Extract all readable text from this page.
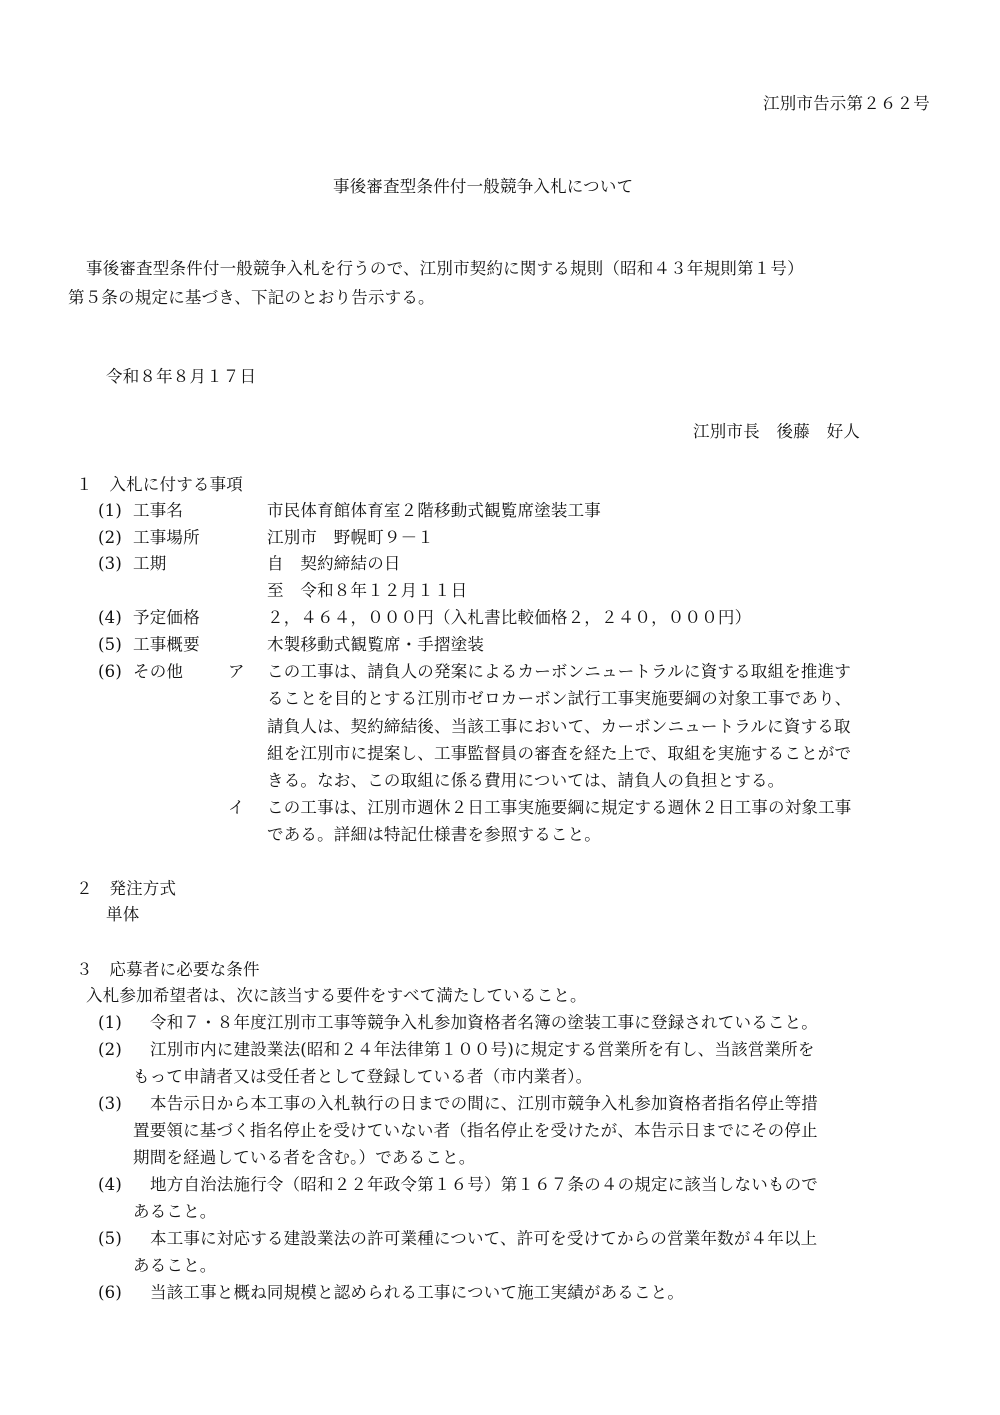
江別市告示第２６２号
事後審査型条件付一般競争入札について
事後審査型条件付一般競争入札を行うので、江別市契約に関する規則（昭和４３年規則第１号）
第５条の規定に基づき、下記のとおり告示する。
令和８年８月１７日
江別市長　後藤　好人
１　入札に付する事項
(1) 工事名	市民体育館体育室２階移動式観覧席塗装工事
(2) 工事場所	江別市　野幌町９－１
(3) 工期	自　契約締結の日
至　令和８年１２月１１日
(4) 予定価格	２，４６４，０００円（入札書比較価格２，２４０，０００円）
(5) 工事概要	木製移動式観覧席・手摺塗装
(6) その他	ア この工事は、請負人の発案によるカーボンニュートラルに資する取組を推進す
ることを目的とする江別市ゼロカーボン試行工事実施要綱の対象工事であり、
請負人は、契約締結後、当該工事において、カーボンニュートラルに資する取
組を江別市に提案し、工事監督員の審査を経た上で、取組を実施することがで
きる。なお、この取組に係る費用については、請負人の負担とする。
イ この工事は、江別市週休２日工事実施要綱に規定する週休２日工事の対象工事
である。詳細は特記仕様書を参照すること。
２　発注方式
単体
３　応募者に必要な条件
入札参加希望者は、次に該当する要件をすべて満たしていること。
(1) 令和７・８年度江別市工事等競争入札参加資格者名簿の塗装工事に登録されていること。
(2) 江別市内に建設業法(昭和２４年法律第１００号)に規定する営業所を有し、当該営業所を
もって申請者又は受任者として登録している者（市内業者）。
(3) 本告示日から本工事の入札執行の日までの間に、江別市競争入札参加資格者指名停止等措
置要領に基づく指名停止を受けていない者（指名停止を受けたが、本告示日までにその停止
期間を経過している者を含む。）であること。
(4) 地方自治法施行令（昭和２２年政令第１６号）第１６７条の４の規定に該当しないもので
あること。
(5) 本工事に対応する建設業法の許可業種について、許可を受けてからの営業年数が４年以上
あること。
(6) 当該工事と概ね同規模と認められる工事について施工実績があること。
